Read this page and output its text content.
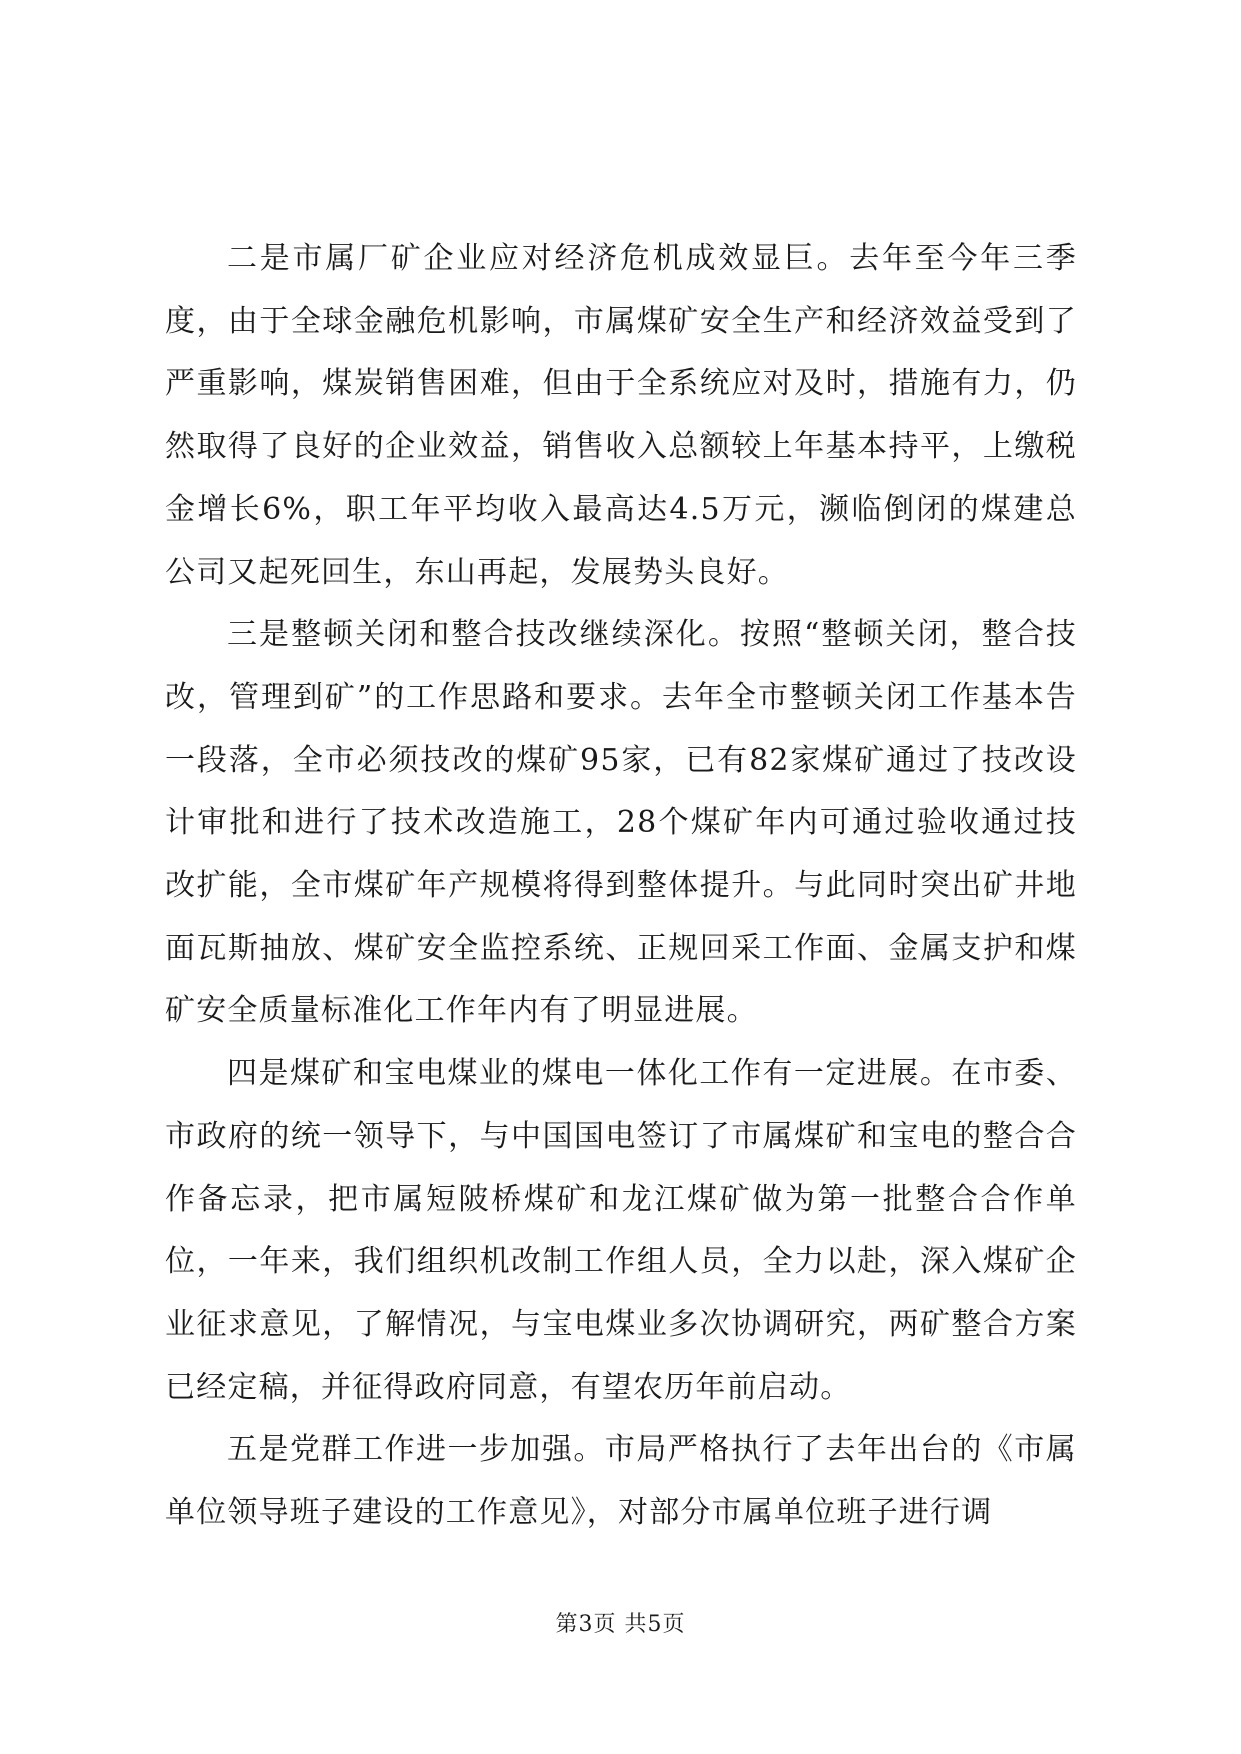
二是市属厂矿企业应对经济危机成效显巨。去年至今年三季度，由于全球金融危机影响，市属煤矿安全生产和经济效益受到了严重影响，煤炭销售困难，但由于全系统应对及时，措施有力，仍然取得了良好的企业效益，销售收入总额较上年基本持平，上缴税金增长6%，职工年平均收入最高达4.5万元，濒临倒闭的煤建总公司又起死回生，东山再起，发展势头良好。

三是整顿关闭和整合技改继续深化。按照“整顿关闭，整合技改，管理到矿”的工作思路和要求。去年全市整顿关闭工作基本告一段落，全市必须技改的煤矿95家，已有82家煤矿通过了技改设计审批和进行了技术改造施工，28个煤矿年内可通过验收通过技改扩能，全市煤矿年产规模将得到整体提升。与此同时突出矿井地面瓦斯抽放、煤矿安全监控系统、正规回采工作面、金属支护和煤矿安全质量标准化工作年内有了明显进展。

四是煤矿和宝电煤业的煤电一体化工作有一定进展。在市委、市政府的统一领导下，与中国国电签订了市属煤矿和宝电的整合合作备忘录，把市属短陂桥煤矿和龙江煤矿做为第一批整合合作单位，一年来，我们组织机改制工作组人员，全力以赴，深入煤矿企业征求意见，了解情况，与宝电煤业多次协调研究，两矿整合方案已经定稿，并征得政府同意，有望农历年前启动。

五是党群工作进一步加强。市局严格执行了去年出台的《市属单位领导班子建设的工作意见》，对部分市属单位班子进行调

第3页 共5页
